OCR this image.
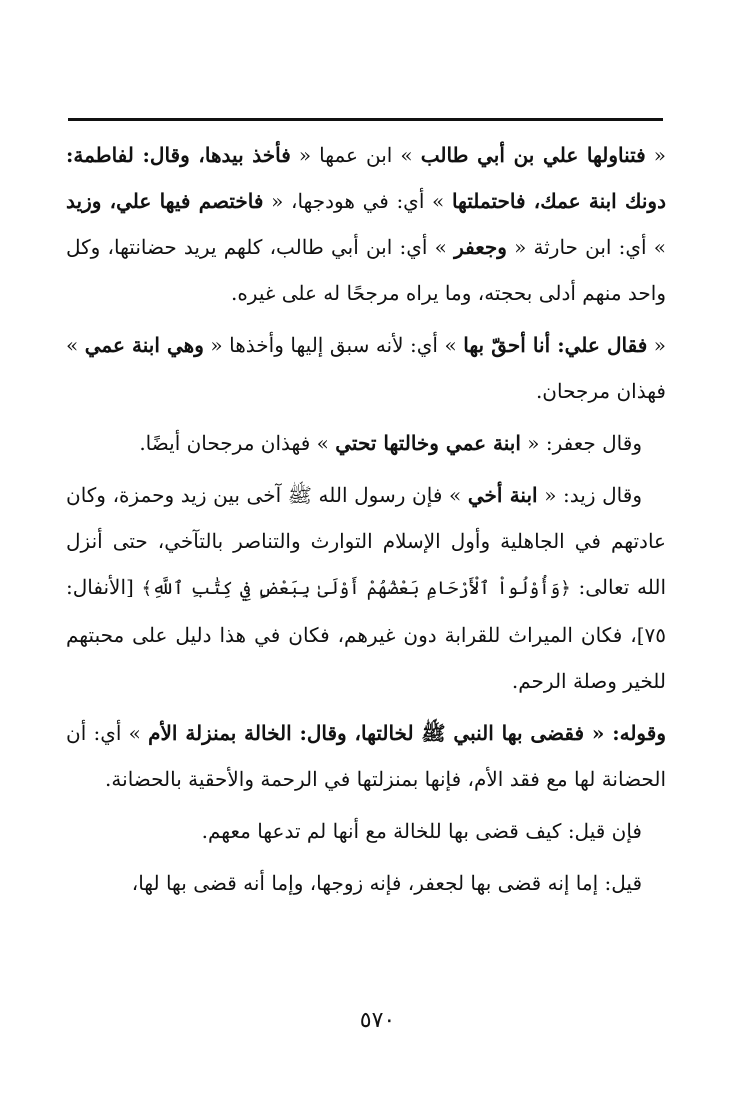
« فتناولها علي بن أبي طالب » ابن عمها « فأخذ بيدها، وقال: لفاطمة: دونك ابنة عمك، فاحتملتها » أي: في هودجها، « فاختصم فيها علي، وزيد » أي: ابن حارثة « وجعفر » أي: ابن أبي طالب، كلهم يريد حضانتها، وكل واحد منهم أدلى بحجته، وما يراه مرجحًا له على غيره.

« فقال علي: أنا أحقّ بها » أي: لأنه سبق إليها وأخذها « وهي ابنة عمي » فهذان مرجحان.

وقال جعفر: « ابنة عمي وخالتها تحتي » فهذان مرجحان أيضًا.

وقال زيد: « ابنة أخي » فإن رسول الله ﷺ آخى بين زيد وحمزة، وكان عادتهم في الجاهلية وأول الإسلام التوارث والتناصر بالتآخي، حتى أنزل الله تعالى: ﴿وَأُوْلُواْ ٱلْأَرْحَامِ بَعْضُهُمْ أَوْلَىٰ بِبَعْضٍ فِي كِتَٰبِ ٱللَّهِ﴾ [الأنفال: ٧٥]، فكان الميراث للقرابة دون غيرهم، فكان في هذا دليل على محبتهم للخير وصلة الرحم.

وقوله: « فقضى بها النبي ﷺ لخالتها، وقال: الخالة بمنزلة الأم » أي: أن الحضانة لها مع فقد الأم، فإنها بمنزلتها في الرحمة والأحقية بالحضانة.

فإن قيل: كيف قضى بها للخالة مع أنها لم تدعها معهم.

قيل: إما إنه قضى بها لجعفر، فإنه زوجها، وإما أنه قضى بها لها،

٥٧٠
